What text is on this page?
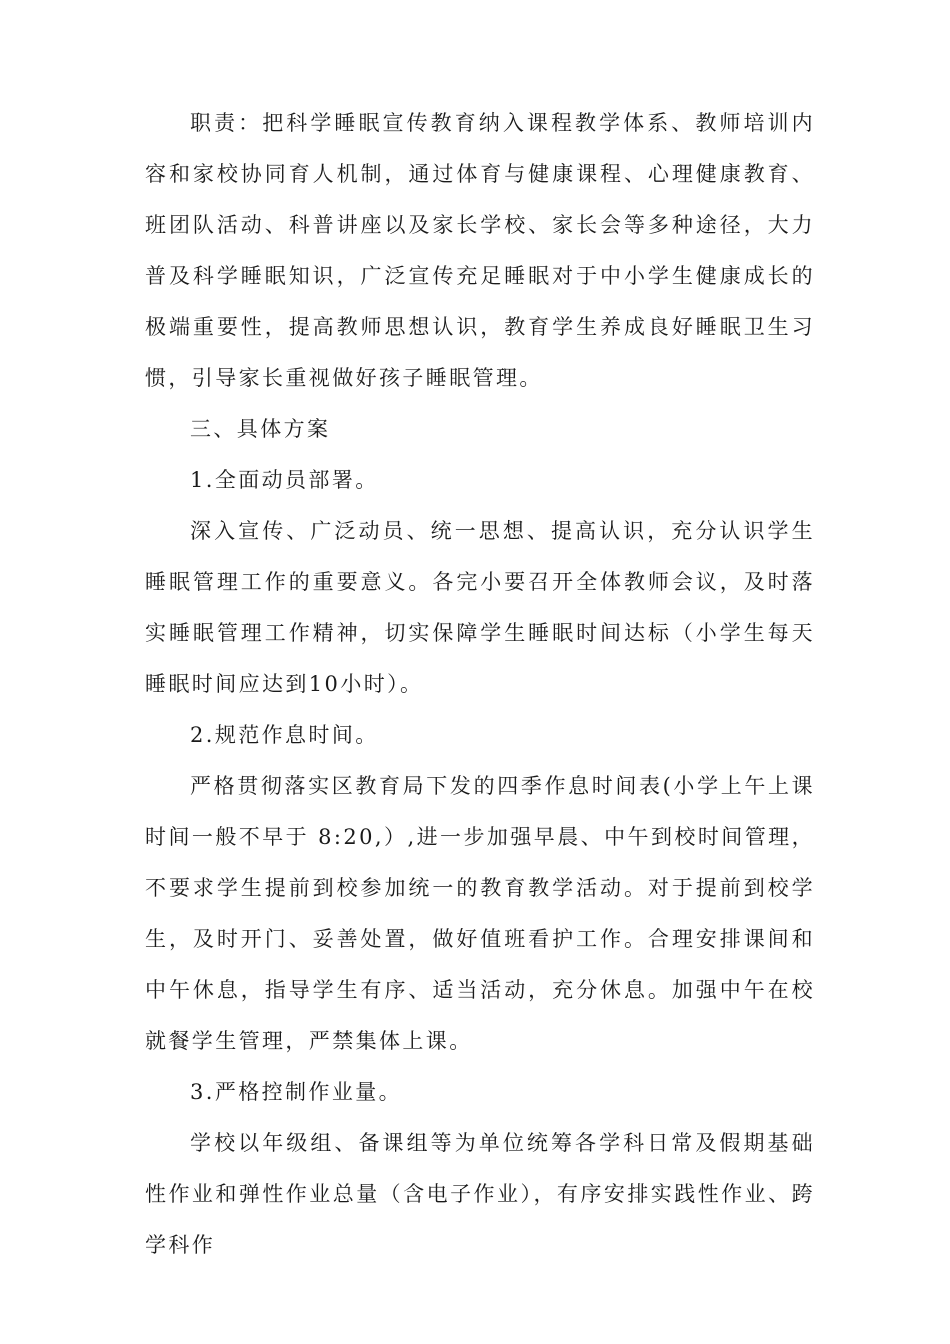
职责：把科学睡眠宣传教育纳入课程教学体系、教师培训内容和家校协同育人机制，通过体育与健康课程、心理健康教育、班团队活动、科普讲座以及家长学校、家长会等多种途径，大力普及科学睡眠知识，广泛宣传充足睡眠对于中小学生健康成长的极端重要性，提高教师思想认识，教育学生养成良好睡眠卫生习惯，引导家长重视做好孩子睡眠管理。

三、具体方案

1.全面动员部署。

深入宣传、广泛动员、统一思想、提高认识，充分认识学生睡眠管理工作的重要意义。各完小要召开全体教师会议，及时落实睡眠管理工作精神，切实保障学生睡眠时间达标（小学生每天睡眠时间应达到10小时）。

2.规范作息时间。

严格贯彻落实区教育局下发的四季作息时间表(小学上午上课时间一般不早于 8:20,）,进一步加强早晨、中午到校时间管理，不要求学生提前到校参加统一的教育教学活动。对于提前到校学生，及时开门、妥善处置，做好值班看护工作。合理安排课间和中午休息，指导学生有序、适当活动，充分休息。加强中午在校就餐学生管理，严禁集体上课。

3.严格控制作业量。

学校以年级组、备课组等为单位统筹各学科日常及假期基础性作业和弹性作业总量（含电子作业），有序安排实践性作业、跨学科作
